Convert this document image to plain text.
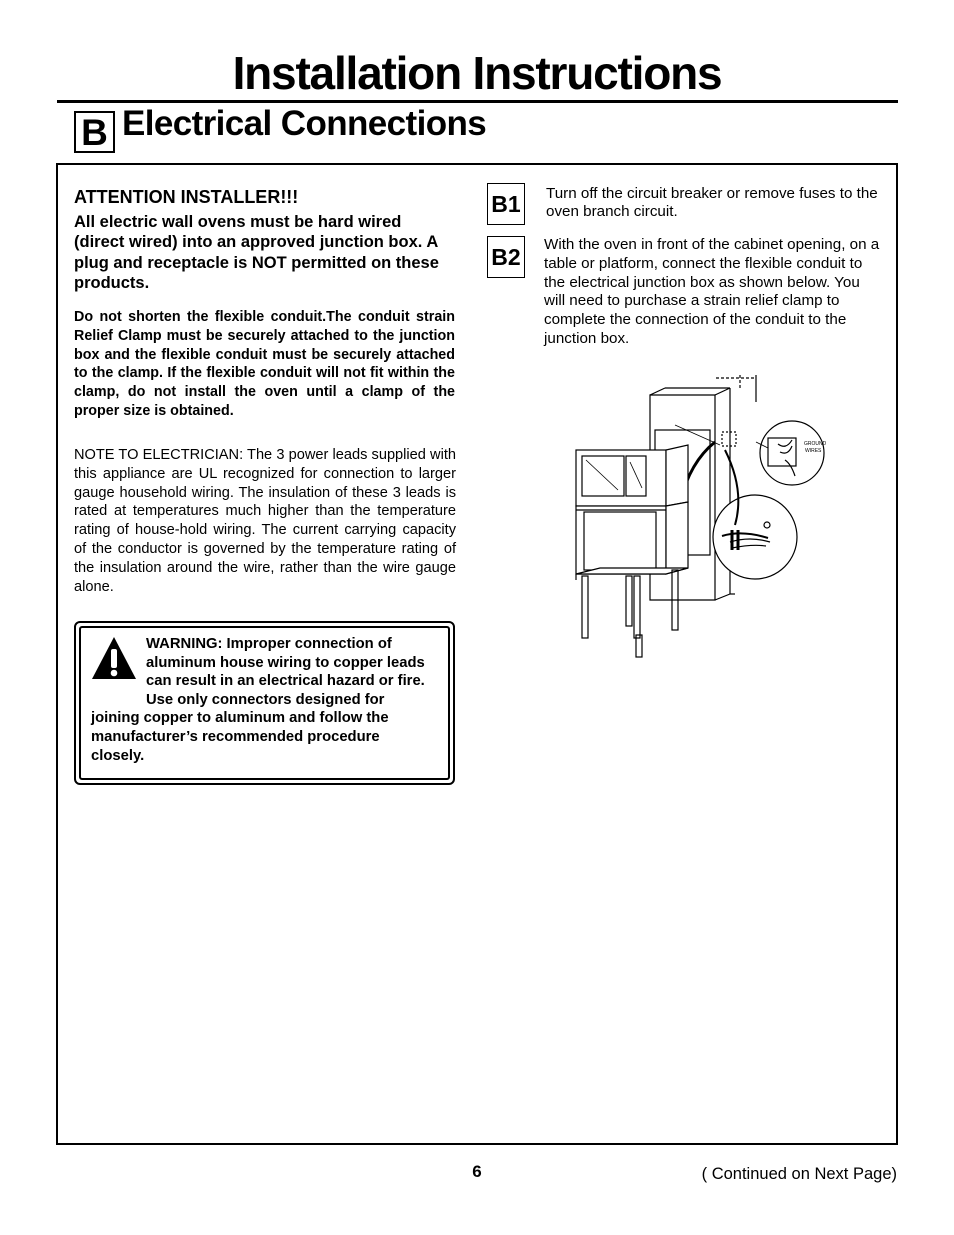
Installation Instructions
B Electrical Connections
ATTENTION INSTALLER!!!
All electric wall ovens must be hard wired (direct wired) into an approved junction box. A plug and receptacle is NOT permitted on these products.
Do not shorten the flexible conduit.The conduit strain Relief Clamp must be securely attached to the junction box and the flexible conduit must be securely attached to the clamp. If the flexible conduit will not fit within the clamp, do not install the oven until a clamp of the proper size is obtained.
NOTE TO ELECTRICIAN: The 3 power leads supplied with this appliance are UL recognized for connection to larger gauge household wiring. The insulation of these 3 leads is rated at temperatures much higher than the temperature rating of house-hold wiring. The current carrying capacity of the conductor is governed by the temperature rating of the insulation around the wire, rather than the wire gauge alone.
WARNING: Improper connection of aluminum house wiring to copper leads can result in an electrical hazard or fire. Use only connectors designed for joining copper to aluminum and follow the manufacturer’s recommended procedure closely.
B1 Turn off the circuit breaker or remove fuses to the oven branch circuit.
B2 With the oven in front of the cabinet opening, on a table or platform, connect the flexible conduit to the electrical junction box as shown below. You will need to purchase a strain relief clamp to complete the connection of the conduit to the junction box.
GROUND
WIRES
6	( Continued on Next Page)
